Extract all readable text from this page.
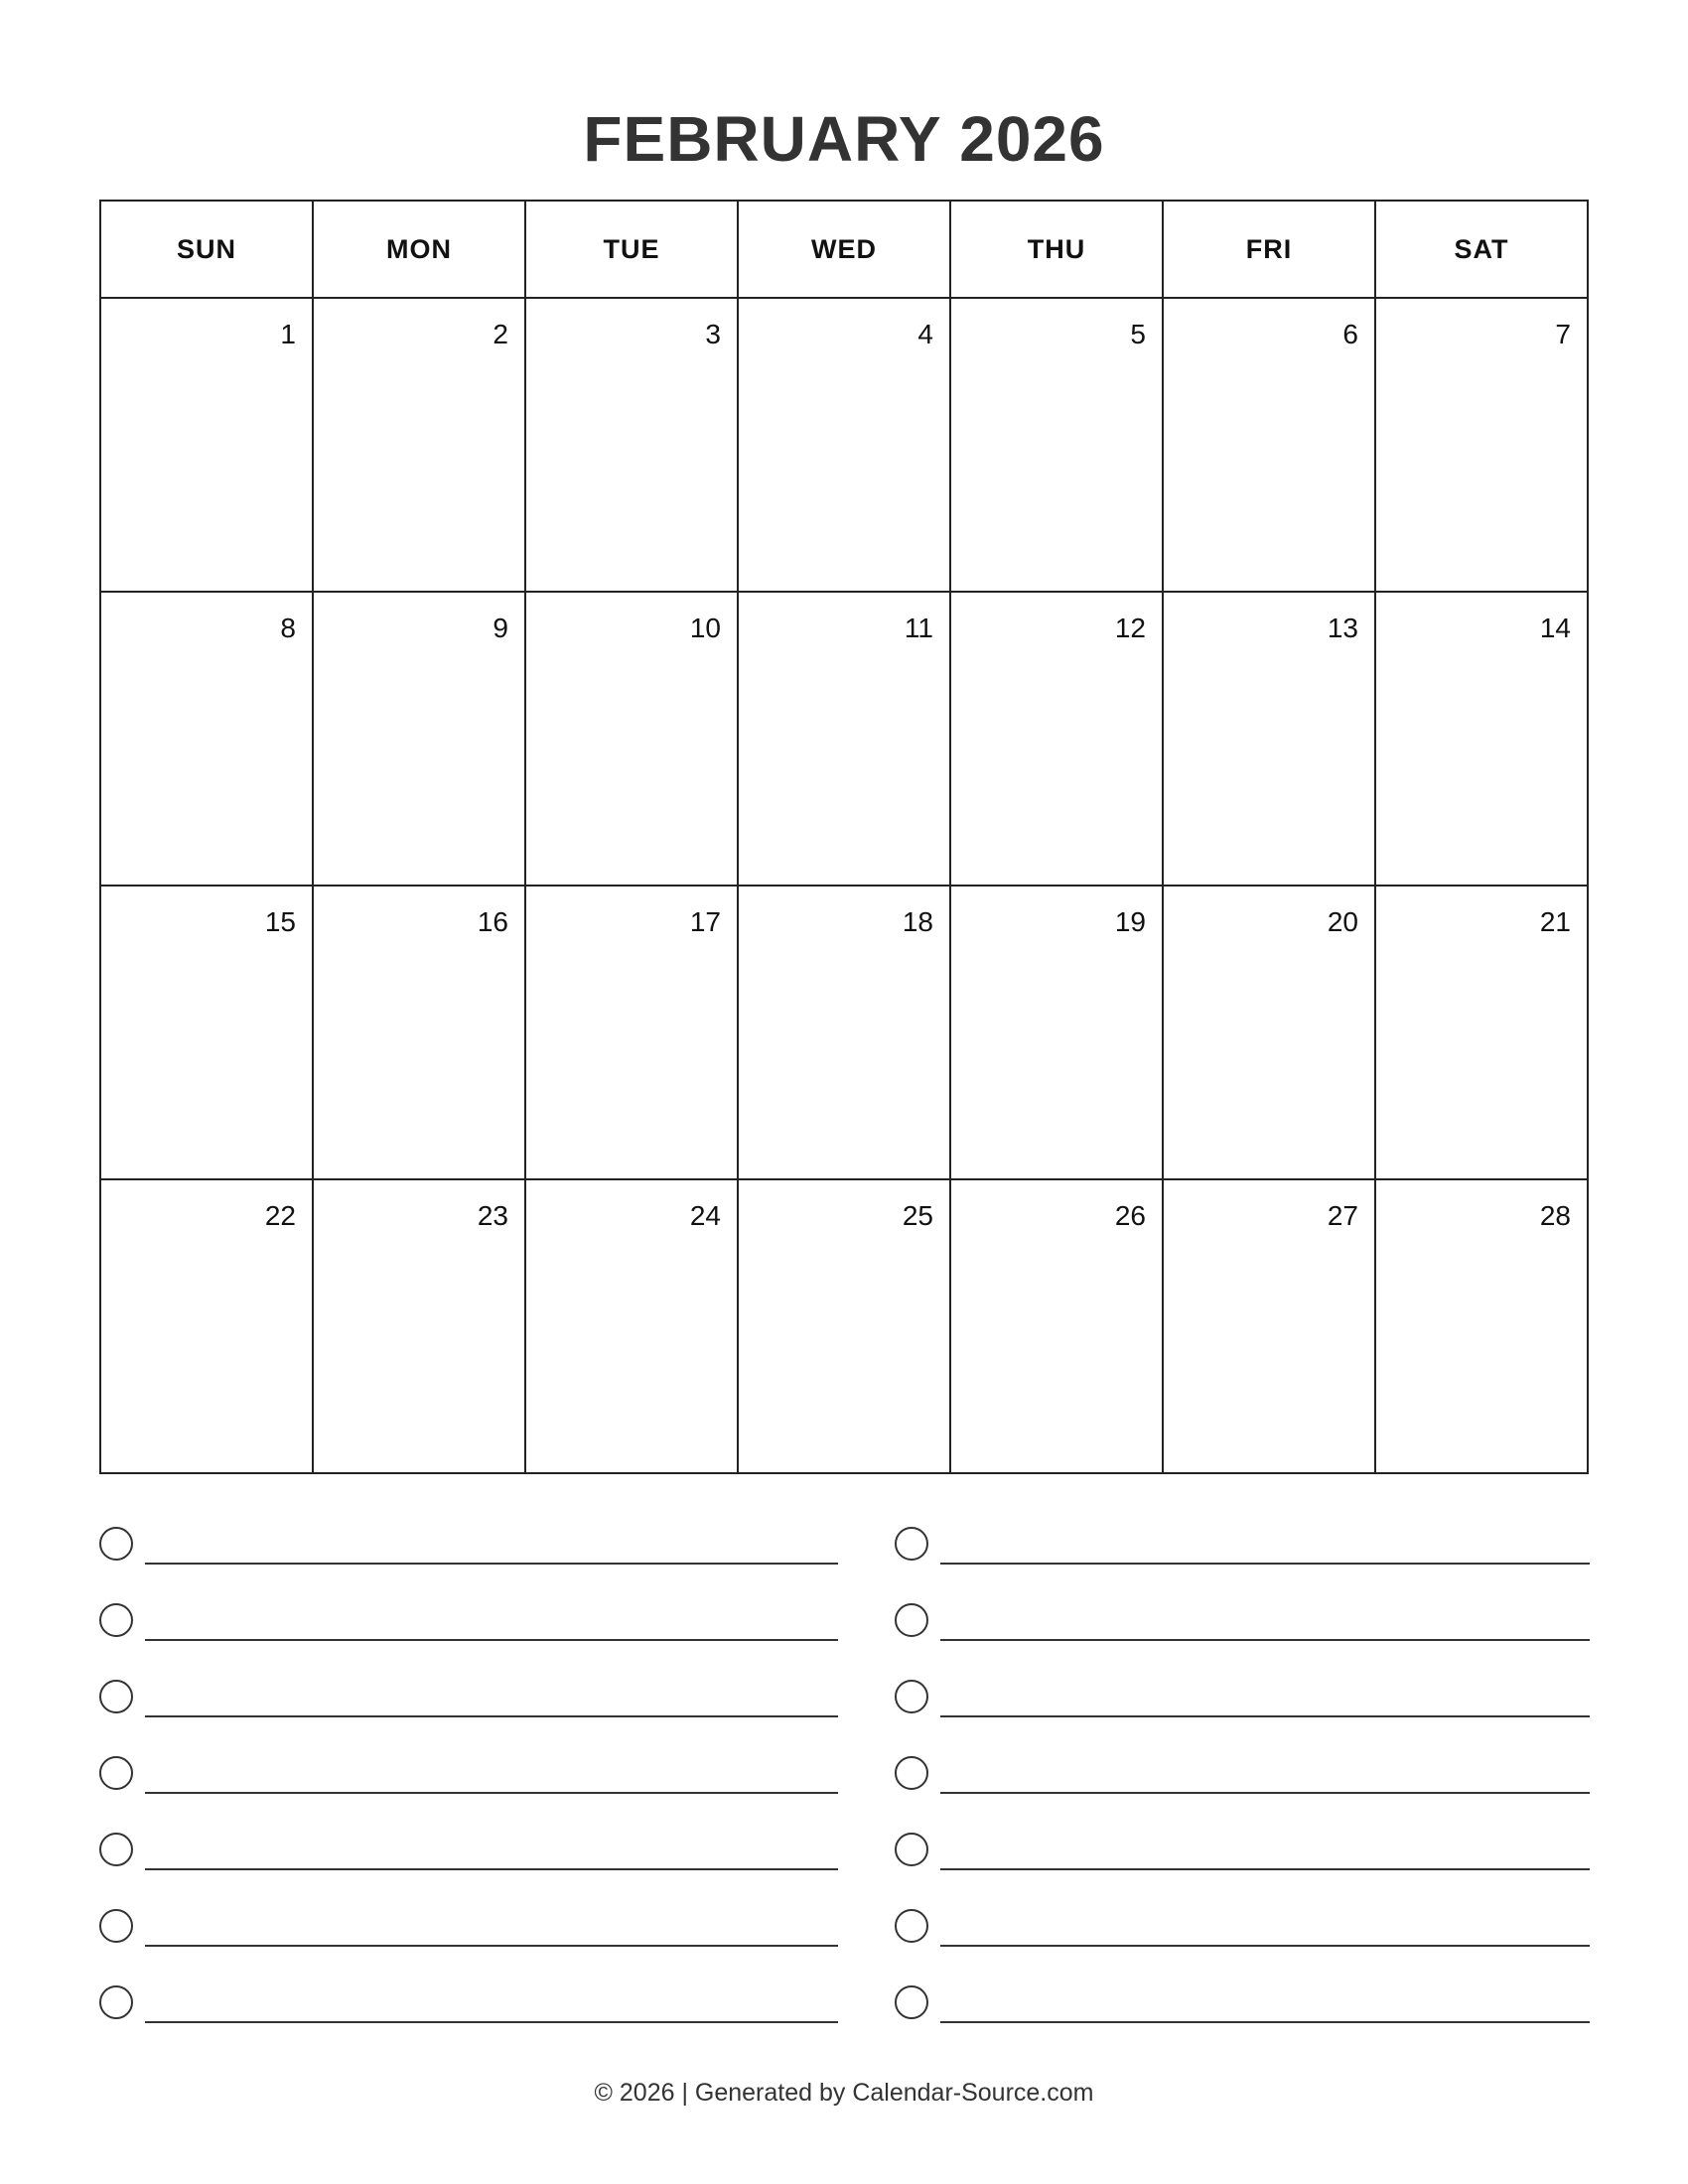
FEBRUARY 2026
SUN	MON	TUE	WED	THU	FRI	SAT
1	2	3	4	5	6	7
8	9	10	11	12	13	14
15	16	17	18	19	20	21
22	23	24	25	26	27	28
© 2026 | Generated by Calendar-Source.com
